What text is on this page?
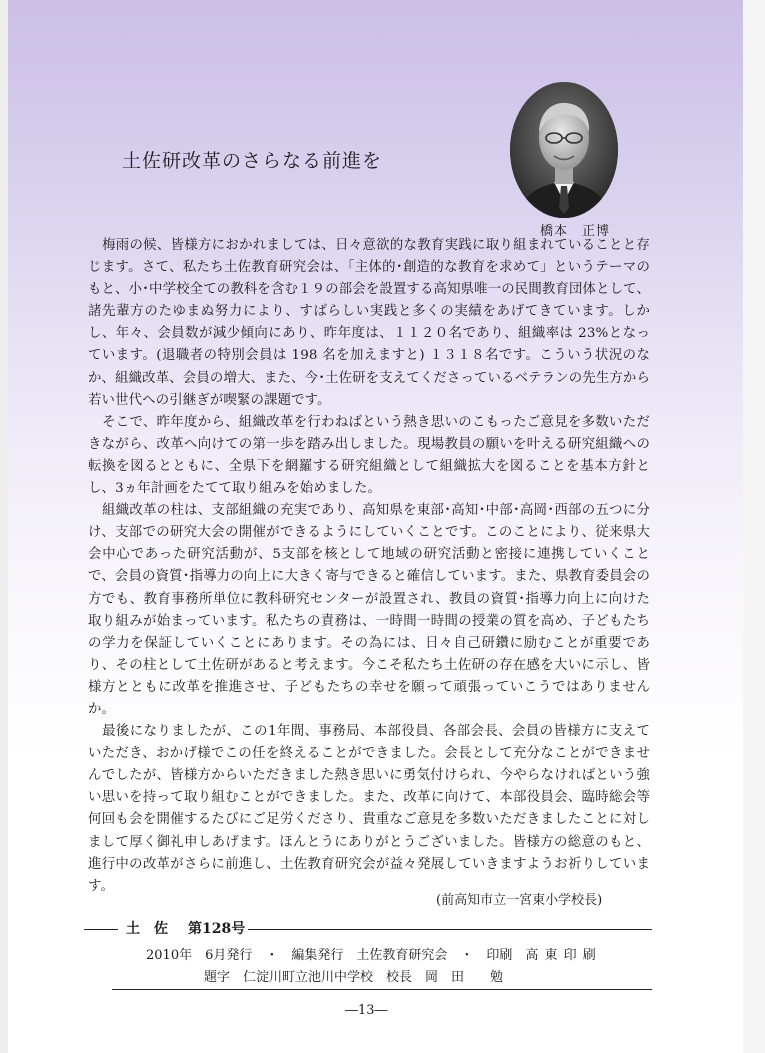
土佐研改革のさらなる前進を
橋本　正博

梅雨の候、皆様方におかれましては、日々意欲的な教育実践に取り組まれていることと存じます。さて、私たち土佐教育研究会は、「主体的･創造的な教育を求めて」というテーマのもと、小･中学校全ての教科を含む１９の部会を設置する高知県唯一の民間教育団体として、諸先輩方のたゆまぬ努力により、すばらしい実践と多くの実績をあげてきています。しかし、年々、会員数が減少傾向にあり、昨年度は、１１２０名であり、組織率は 23%となっています。(退職者の特別会員は 198 名を加えますと) １３１８名です。こういう状況のなか、組織改革、会員の増大、また、今･土佐研を支えてくださっているベテランの先生方から若い世代への引継ぎが喫緊の課題です。

そこで、昨年度から、組織改革を行わねばという熱き思いのこもったご意見を多数いただきながら、改革へ向けての第一歩を踏み出しました。現場教員の願いを叶える研究組織への転換を図るとともに、全県下を網羅する研究組織として組織拡大を図ることを基本方針とし、3ヵ年計画をたてて取り組みを始めました。

組織改革の柱は、支部組織の充実であり、高知県を東部･高知･中部･高岡･西部の五つに分け、支部での研究大会の開催ができるようにしていくことです。このことにより、従来県大会中心であった研究活動が、5支部を核として地域の研究活動と密接に連携していくことで、会員の資質･指導力の向上に大きく寄与できると確信しています。また、県教育委員会の方でも、教育事務所単位に教科研究センターが設置され、教員の資質･指導力向上に向けた取り組みが始まっています。私たちの責務は、一時間一時間の授業の質を高め、子どもたちの学力を保証していくことにあります。その為には、日々自己研鑽に励むことが重要であり、その柱として土佐研があると考えます。今こそ私たち土佐研の存在感を大いに示し、皆様方とともに改革を推進させ、子どもたちの幸せを願って頑張っていこうではありませんか。

最後になりましたが、この1年間、事務局、本部役員、各部会長、会員の皆様方に支えていただき、おかげ様でこの任を終えることができました。会長として充分なことができませんでしたが、皆様方からいただきました熱き思いに勇気付けられ、今やらなければという強い思いを持って取り組むことができました。また、改革に向けて、本部役員会、臨時総会等何回も会を開催するたびにご足労くださり、貴重なご意見を多数いただきましたことに対しまして厚く御礼申しあげます。ほんとうにありがとうございました。皆様方の総意のもと、進行中の改革がさらに前進し、土佐教育研究会が益々発展していきますようお祈りしています。

(前高知市立一宮東小学校長)
土　佐 第128号
2010年　6月発行　・　編集発行　土佐教育研究会　・　印刷　高 東 印 刷
題字　仁淀川町立池川中学校　校長　岡　田　　勉
―13―
